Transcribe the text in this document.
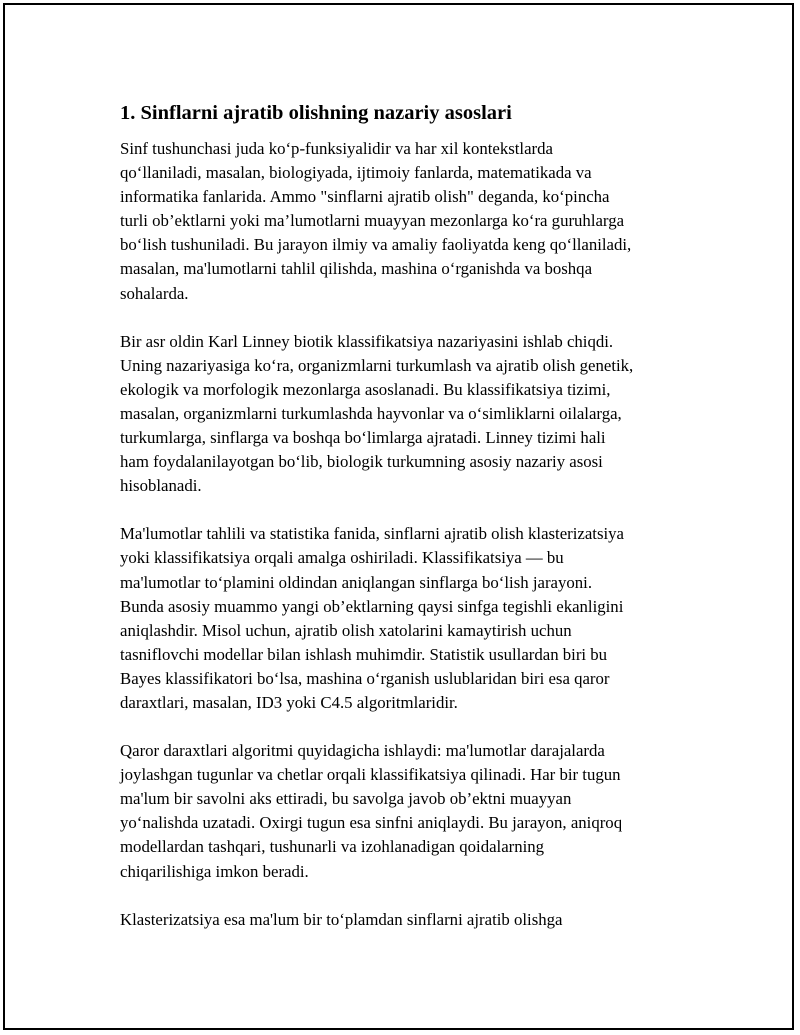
1. Sinflarni ajratib olishning nazariy asoslari

Sinf tushunchasi juda ko‘p-funksiyalidir va har xil kontekstlarda
qo‘llaniladi, masalan, biologiyada, ijtimoiy fanlarda, matematikada va
informatika fanlarida. Ammo "sinflarni ajratib olish" deganda, ko‘pincha
turli ob’ektlarni yoki ma’lumotlarni muayyan mezonlarga ko‘ra guruhlarga
bo‘lish tushuniladi. Bu jarayon ilmiy va amaliy faoliyatda keng qo‘llaniladi,
masalan, ma'lumotlarni tahlil qilishda, mashina o‘rganishda va boshqa
sohalarda.

Bir asr oldin Karl Linney biotik klassifikatsiya nazariyasini ishlab chiqdi.
Uning nazariyasiga ko‘ra, organizmlarni turkumlash va ajratib olish genetik,
ekologik va morfologik mezonlarga asoslanadi. Bu klassifikatsiya tizimi,
masalan, organizmlarni turkumlashda hayvonlar va o‘simliklarni oilalarga,
turkumlarga, sinflarga va boshqa bo‘limlarga ajratadi. Linney tizimi hali
ham foydalanilayotgan bo‘lib, biologik turkumning asosiy nazariy asosi
hisoblanadi.

Ma'lumotlar tahlili va statistika fanida, sinflarni ajratib olish klasterizatsiya
yoki klassifikatsiya orqali amalga oshiriladi. Klassifikatsiya — bu
ma'lumotlar to‘plamini oldindan aniqlangan sinflarga bo‘lish jarayoni.
Bunda asosiy muammo yangi ob’ektlarning qaysi sinfga tegishli ekanligini
aniqlashdir. Misol uchun, ajratib olish xatolarini kamaytirish uchun
tasniflovchi modellar bilan ishlash muhimdir. Statistik usullardan biri bu
Bayes klassifikatori bo‘lsa, mashina o‘rganish uslublaridan biri esa qaror
daraxtlari, masalan, ID3 yoki C4.5 algoritmlaridir.

Qaror daraxtlari algoritmi quyidagicha ishlaydi: ma'lumotlar darajalarda
joylashgan tugunlar va chetlar orqali klassifikatsiya qilinadi. Har bir tugun
ma'lum bir savolni aks ettiradi, bu savolga javob ob’ektni muayyan
yo‘nalishda uzatadi. Oxirgi tugun esa sinfni aniqlaydi. Bu jarayon, aniqroq
modellardan tashqari, tushunarli va izohlanadigan qoidalarning
chiqarilishiga imkon beradi.

Klasterizatsiya esa ma'lum bir to‘plamdan sinflarni ajratib olishga
